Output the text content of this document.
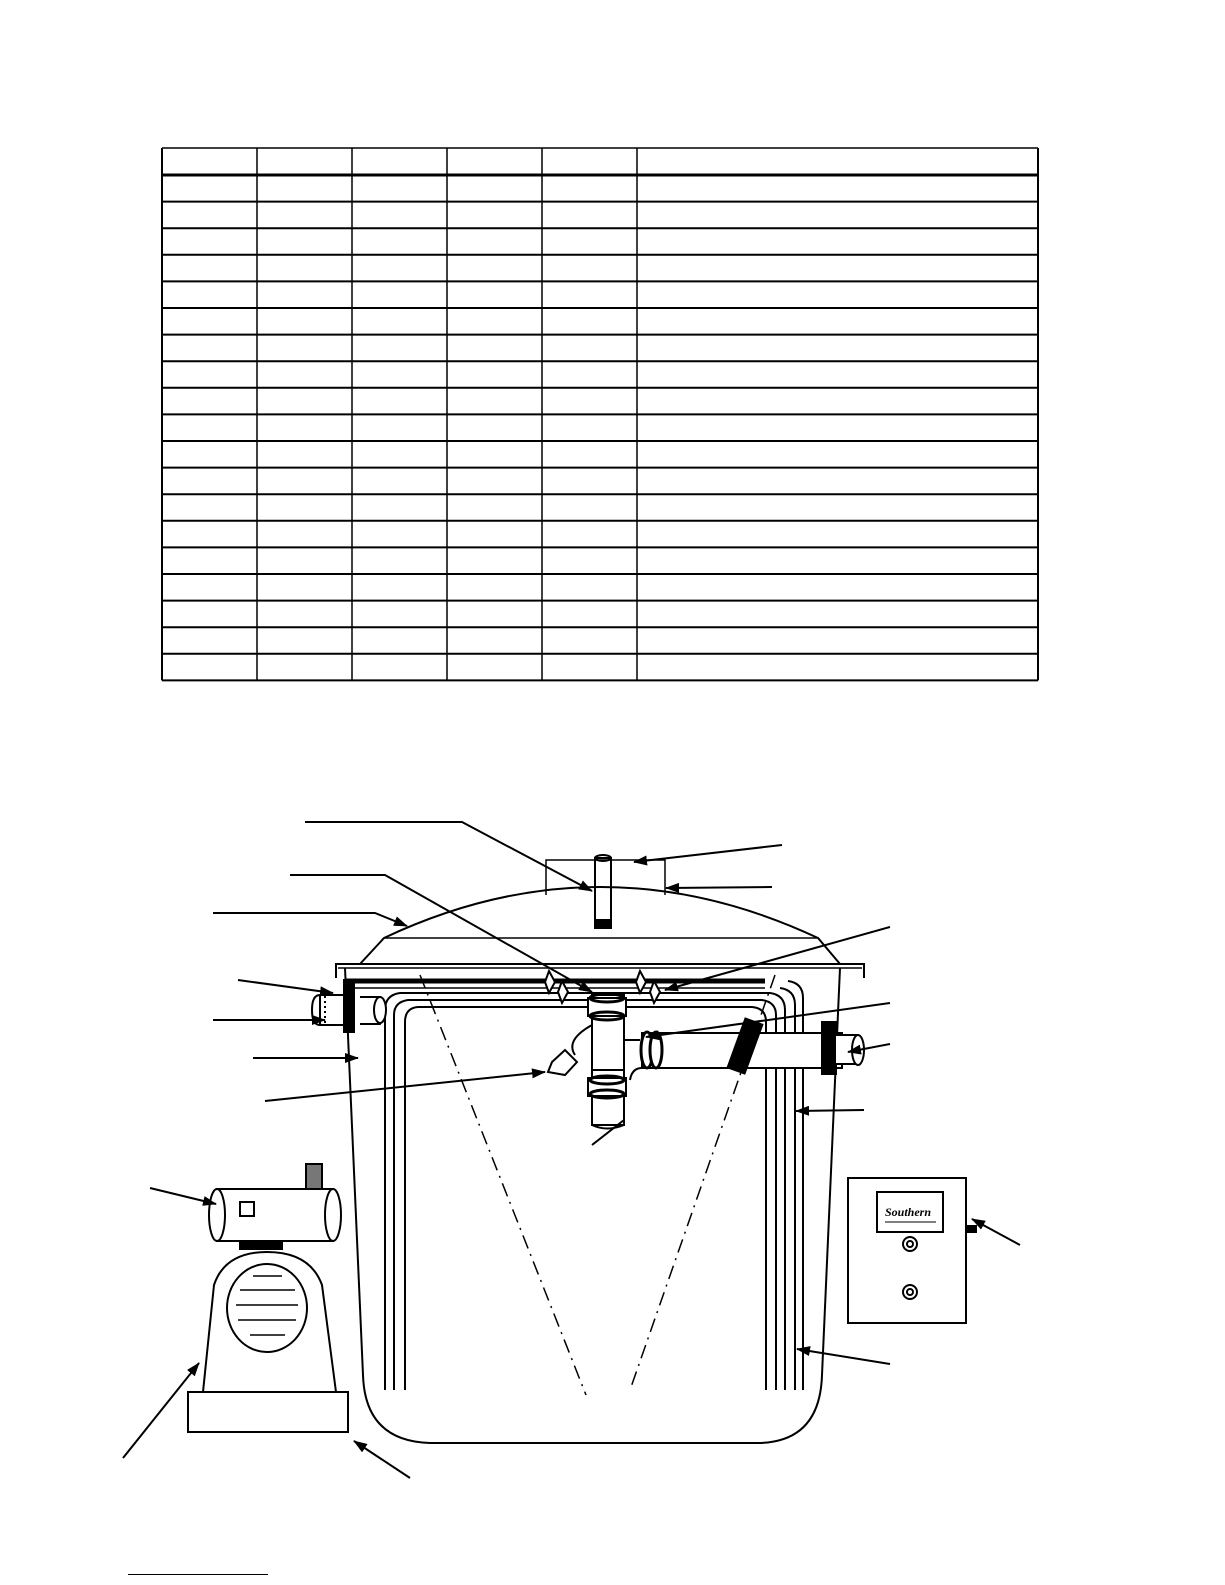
Southern
